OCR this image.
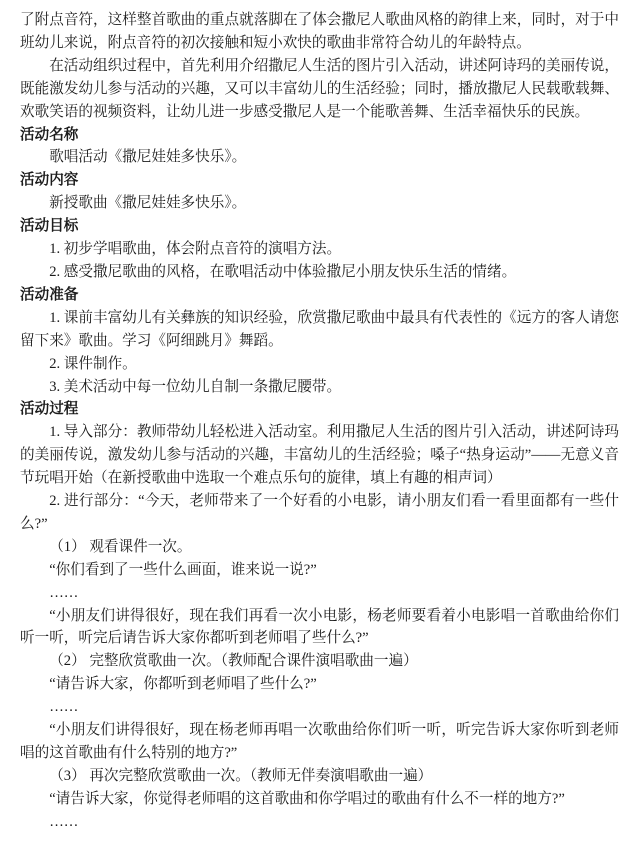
了附点音符，这样整首歌曲的重点就落脚在了体会撒尼人歌曲风格的韵律上来，同时，对于中班幼儿来说，附点音符的初次接触和短小欢快的歌曲非常符合幼儿的年龄特点。

在活动组织过程中，首先利用介绍撒尼人生活的图片引入活动，讲述阿诗玛的美丽传说，既能激发幼儿参与活动的兴趣，又可以丰富幼儿的生活经验；同时，播放撒尼人民载歌载舞、欢歌笑语的视频资料，让幼儿进一步感受撒尼人是一个能歌善舞、生活幸福快乐的民族。

活动名称

歌唱活动《撒尼娃娃多快乐》。

活动内容

新授歌曲《撒尼娃娃多快乐》。

活动目标

1. 初步学唱歌曲，体会附点音符的演唱方法。

2. 感受撒尼歌曲的风格，在歌唱活动中体验撒尼小朋友快乐生活的情绪。

活动准备

1. 课前丰富幼儿有关彝族的知识经验，欣赏撒尼歌曲中最具有代表性的《远方的客人请您留下来》歌曲。学习《阿细跳月》舞蹈。

2. 课件制作。

3. 美术活动中每一位幼儿自制一条撒尼腰带。

活动过程

1. 导入部分：教师带幼儿轻松进入活动室。利用撒尼人生活的图片引入活动，讲述阿诗玛的美丽传说，激发幼儿参与活动的兴趣，丰富幼儿的生活经验；嗓子“热身运动”——无意义音节玩唱开始（在新授歌曲中选取一个难点乐句的旋律，填上有趣的相声词）

2. 进行部分：“今天，老师带来了一个好看的小电影，请小朋友们看一看里面都有一些什么?”

（1） 观看课件一次。

“你们看到了一些什么画面，谁来说一说?”

……

“小朋友们讲得很好，现在我们再看一次小电影，杨老师要看着小电影唱一首歌曲给你们听一听，听完后请告诉大家你都听到老师唱了些什么?”

（2） 完整欣赏歌曲一次。（教师配合课件演唱歌曲一遍）

“请告诉大家，你都听到老师唱了些什么?”

……

“小朋友们讲得很好，现在杨老师再唱一次歌曲给你们听一听，听完告诉大家你听到老师唱的这首歌曲有什么特别的地方?”

（3） 再次完整欣赏歌曲一次。（教师无伴奏演唱歌曲一遍）

“请告诉大家，你觉得老师唱的这首歌曲和你学唱过的歌曲有什么不一样的地方?”

……
